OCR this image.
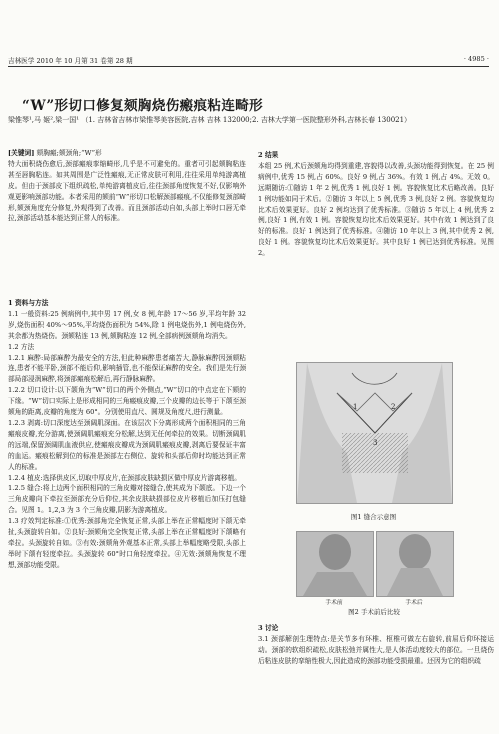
吉林医学 2010 年 10 月第 31 卷第 28 期	· 4985 ·
“W”形切口修复颏胸烧伤瘢痕粘连畸形
梁惟琴¹,马 姬²,梁一国¹ （1. 吉林省吉林市梁惟琴美容医院,吉林 吉林 132000;2. 吉林大学第一医院整形外科,吉林长春 130021）
[关键词] 颏胸瘢;颏颈角;“W”形
特大面积烧伤愈后,颈部瘢痕挛缩畸形,几乎是不可避免的。重者可引起颏胸粘连甚至唇胸粘连。如其周围是广泛性瘢痕,无正常皮肤可利用,往往采用单纯游离植皮。但由于颈部皮下组织疏松,单纯游离植皮后,往往颈部角度恢复不好,仅影响外观更影响颈部功能。本者采用的颏前“W”形切口松解颈部瘢痕,不仅能修复颈部畸形,颏颈角度充分修复,外观得到了改善。而且颈部活动自如,头部上举时口唇无牵拉,颈部活动基本能达到正常人的标准。

1 资料与方法

1.1 一般资料:25 例病例中,其中男 17 例,女 8 例,年龄 17～56 岁,平均年龄 32 岁,烧伤面积 40%～95%,平均烧伤面积为 54%,除 1 例电烧伤外,1 例电烧伤外,其余都为热烧伤。颈颏粘连 13 例,颏胸粘连 12 例,全部病例颈颏角均消失。

1.2 方法

1.2.1 麻醉:局部麻醉为最安全的方法,但此种麻醉患者痛苦大,静脉麻醉因颈颏粘连,患者不能平卧,颈部不能后仰,影响插管,也不能保证麻醉的安全。我们是先行颈部局部浸润麻醉,将颈部瘢痕松解后,再行静脉麻醉。

1.2.2 切口设计:以下颌角为“W”切口的两个外侧点,“W”切口的中点定在下颏的下缘。“W”切口实际上是形成相同的三角瘢痕皮瓣,三个皮瓣的边长等于下颌至颈颏角的距离,皮瓣的角度为 60°。分别使用直尺、圆规及角度尺,进行测量。

1.2.3 剥离:切口深度达至颈阔肌深面。在该层次下分离形成两个面积相同的三角瘢痕皮瓣,充分游离,使颈阔肌瘢痕充分松解,达到无任何牵拉的效果。切断颈阔肌的远端,保留颈阔肌血液供应,使瘢痕皮瓣成为颈阔肌瘢痕皮瓣,剥离后要保证丰富的血运。瘢痕松解到位的标准是颈部左右侧位、旋转和头部后仰时均能达到正常人的标准。

1.2.4 植皮:选择供皮区,切取中厚皮片,在颈部皮肤缺损区做中厚皮片游离移植。

1.2.5 缝合:将上边两个面积相同的三角皮瓣对接缝合,使其成为下颌底。下边一个三角皮瓣向下牵拉至颈部充分后仰位,其余皮肤缺损部位皮片移植后加压打包缝合。见图 1。1,2,3 为 3 个三角皮瓣,阴影为游离植皮。

1.3 疗效判定标准:①优秀:颈部角完全恢复正常,头部上举在正常幅度时下颌无牵扯,头颈旋转自如。②良好:颈颏角完全恢复正常,头部上举在正常幅度时下颌略有牵拉。头颈旋转自如。③有效:颈颏角外观基本正常,头部上举幅度略受限,头部上举时下颌有轻度牵拉。头颈旋转 60°时口角轻度牵拉。④无效:颈颏角恢复不理想,颈部功能受限。

2 结果

本组 25 例,术后颈颏角均得到重建,容貌得以改善,头颈功能得到恢复。在 25 例病例中,优秀 15 例,占 60%。良好 9 例,占 36%。有效 1 例,占 4%。无效 0。远期随访:①随访 1 年 2 例,优秀 1 例,良好 1 例。容貌恢复比术后略改善。良好 1 例功能如同于术后。②随访 3 年以上 5 例,优秀 3 例,良好 2 例。容貌恢复均比术后效果更好。良好 2 例均达到了优秀标准。③随访 5 年以上 4 例,优秀 2 例,良好 1 例,有效 1 例。容貌恢复均比术后效果更好。其中有效 1 例达到了良好的标准。良好 1 例达到了优秀标准。④随访 10 年以上 3 例,其中优秀 2 例,良好 1 例。容貌恢复均比术后效果更好。其中良好 1 例已达到优秀标准。见图 2。

1	2
3
图1 缝合示意图
手术前	手术后
图2 手术前后比较

3 讨论

3.1 颈部解剖生理特点:是关节多有环椎、枢椎可做左右旋转,前屈后仰环接运动。颈部的软组织疏松,皮肤松弛并属性大,是人体活动度较大的部位。一旦烧伤后粘连皮肤的挛缩性极大,因此造成的颈部功能受损最重。还因为它的组织疏
